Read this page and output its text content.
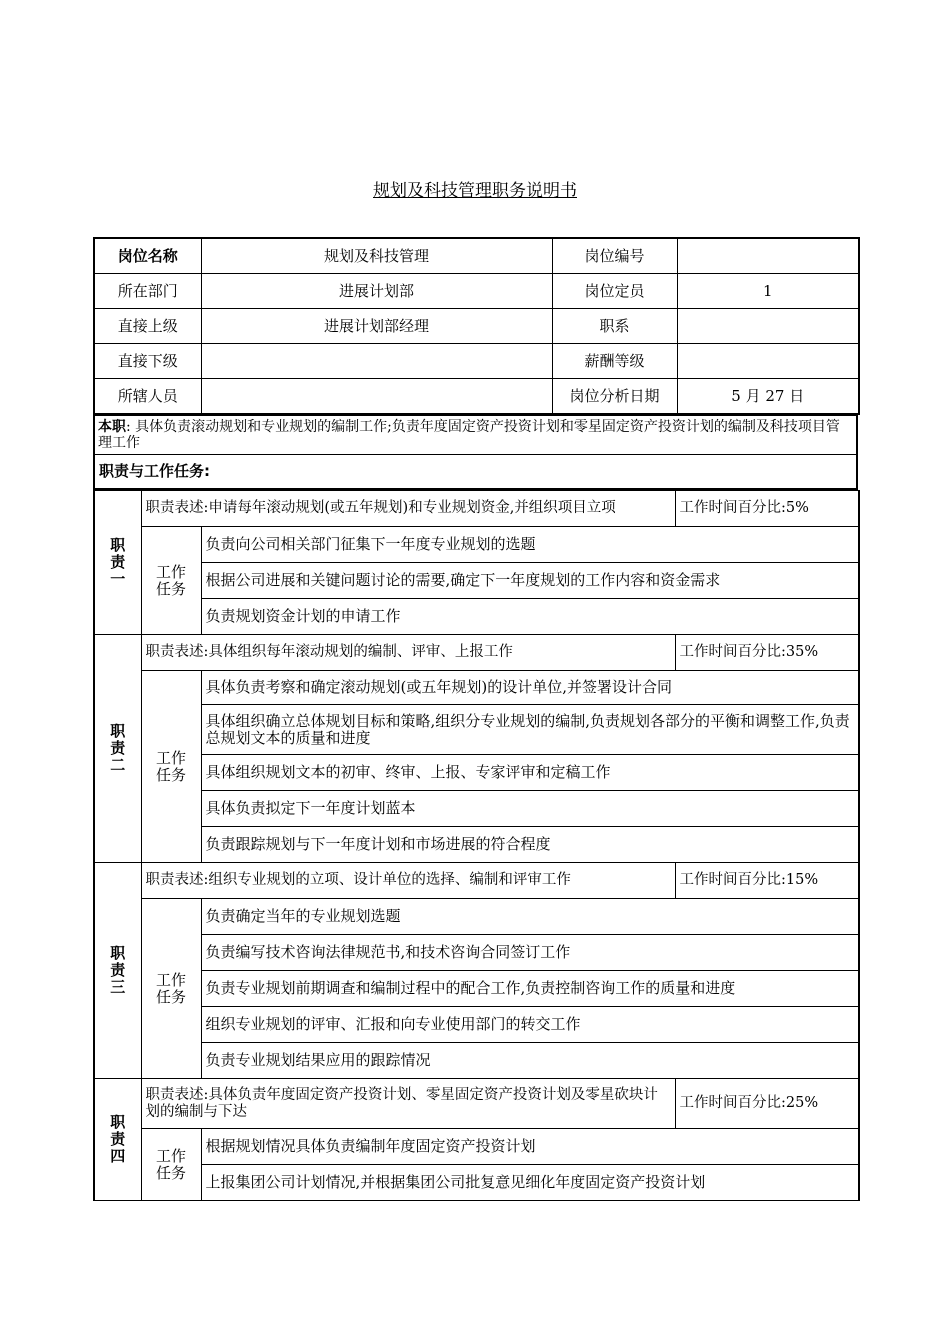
规划及科技管理职务说明书
岗位名称	规划及科技管理	岗位编号	
所在部门	进展计划部	岗位定员	1
直接上级	进展计划部经理	职系	
直接下级		薪酬等级	
所辖人员		岗位分析日期	5 月 27 日
本职: 具体负责滚动规划和专业规划的编制工作;负责年度固定资产投资计划和零星固定资产投资计划的编制及科技项目管理工作
职责与工作任务:
职责一	职责表述:申请每年滚动规划(或五年规划)和专业规划资金,并组织项目立项		工作时间百分比:5%
	工作任务	负责向公司相关部门征集下一年度专业规划的选题	
		根据公司进展和关键问题讨论的需要,确定下一年度规划的工作内容和资金需求	
		负责规划资金计划的申请工作	
职责二	职责表述:具体组织每年滚动规划的编制、评审、上报工作		工作时间百分比:35%
	工作任务	具体负责考察和确定滚动规划(或五年规划)的设计单位,并签署设计合同	
		具体组织确立总体规划目标和策略,组织分专业规划的编制,负责规划各部分的平衡和调整工作,负责总规划文本的质量和进度	
		具体组织规划文本的初审、终审、上报、专家评审和定稿工作	
		具体负责拟定下一年度计划蓝本	
		负责跟踪规划与下一年度计划和市场进展的符合程度	
职责三	职责表述:组织专业规划的立项、设计单位的选择、编制和评审工作		工作时间百分比:15%
	工作任务	负责确定当年的专业规划选题	
		负责编写技术咨询法律规范书,和技术咨询合同签订工作	
		负责专业规划前期调查和编制过程中的配合工作,负责控制咨询工作的质量和进度	
		组织专业规划的评审、汇报和向专业使用部门的转交工作	
		负责专业规划结果应用的跟踪情况	
职责四	职责表述:具体负责年度固定资产投资计划、零星固定资产投资计划及零星砍块计划的编制与下达		工作时间百分比:25%
	工作任务	根据规划情况具体负责编制年度固定资产投资计划	
		上报集团公司计划情况,并根据集团公司批复意见细化年度固定资产投资计划	
